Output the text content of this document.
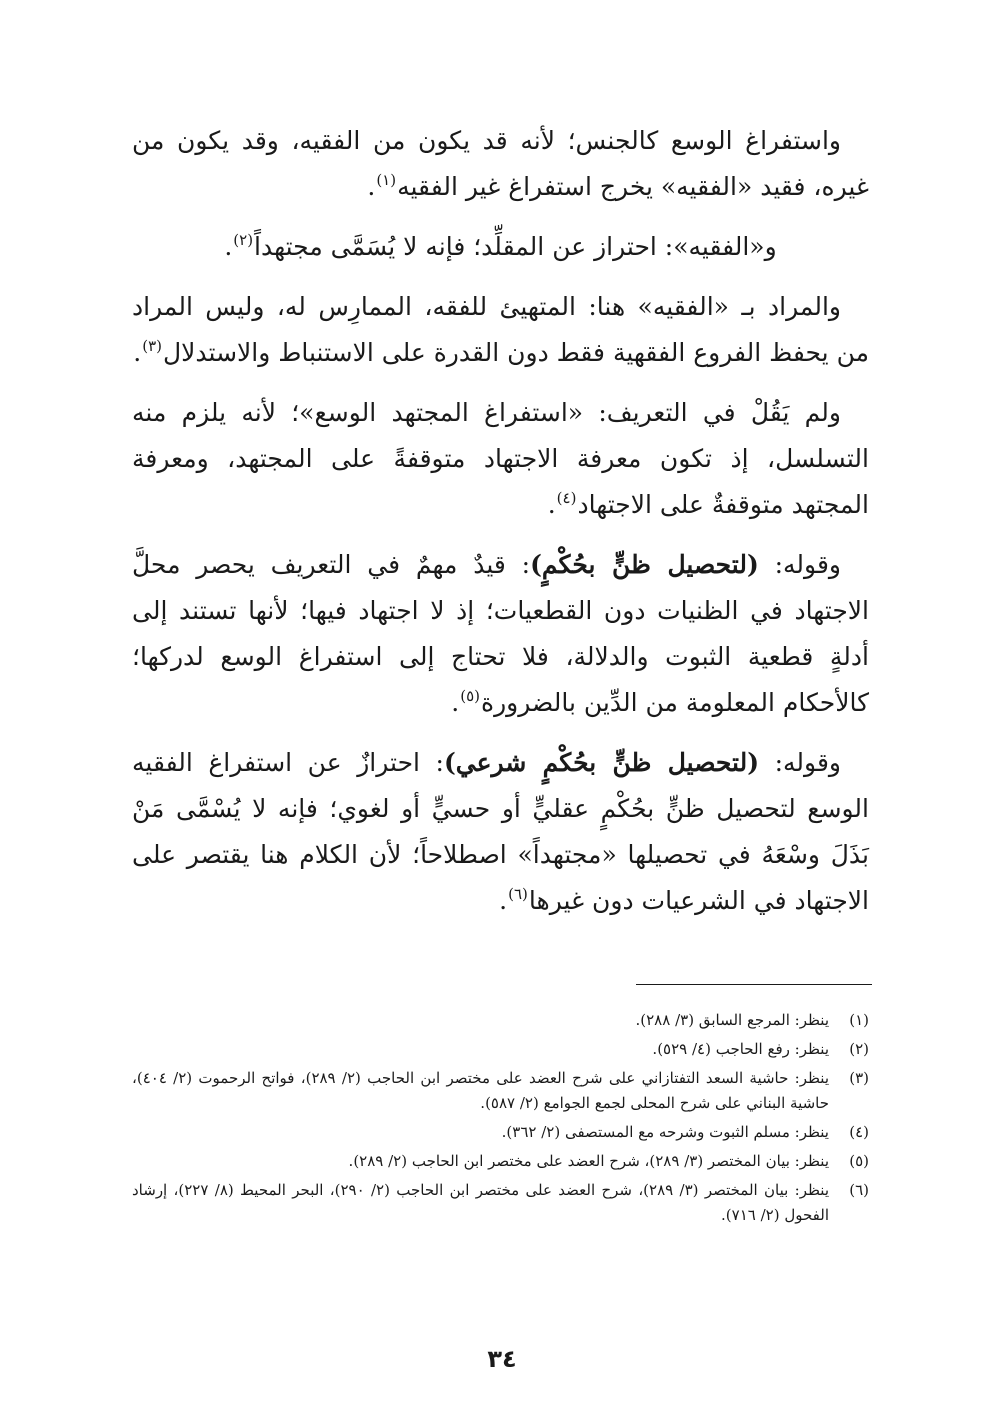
واستفراغ الوسع كالجنس؛ لأنه قد يكون من الفقيه، وقد يكون من غيره، فقيد «الفقيه» يخرج استفراغ غير الفقيه$^{(١)}$.

و«الفقيه»: احتراز عن المقلِّد؛ فإنه لا يُسَمَّى مجتهداً$^{(٢)}$.

والمراد بـ «الفقيه» هنا: المتهيئ للفقه، الممارِس له، وليس المراد من يحفظ الفروع الفقهية فقط دون القدرة على الاستنباط والاستدلال$^{(٣)}$.

ولم يَقُلْ في التعريف: «استفراغ المجتهد الوسع»؛ لأنه يلزم منه التسلسل، إذ تكون معرفة الاجتهاد متوقفةً على المجتهد، ومعرفة المجتهد متوقفةٌ على الاجتهاد$^{(٤)}$.

وقوله: (لتحصيل ظنٍّ بحُكْمٍ): قيدٌ مهمٌ في التعريف يحصر محلَّ الاجتهاد في الظنيات دون القطعيات؛ إذ لا اجتهاد فيها؛ لأنها تستند إلى أدلةٍ قطعية الثبوت والدلالة، فلا تحتاج إلى استفراغ الوسع لدركها؛ كالأحكام المعلومة من الدِّين بالضرورة$^{(٥)}$.

وقوله: (لتحصيل ظنٍّ بحُكْمٍ شرعي): احترازٌ عن استفراغ الفقيه الوسع لتحصيل ظنٍّ بحُكْمٍ عقليٍّ أو حسيٍّ أو لغوي؛ فإنه لا يُسْمَّى مَنْ بَذَلَ وسْعَهُ في تحصيلها «مجتهداً» اصطلاحاً؛ لأن الكلام هنا يقتصر على الاجتهاد في الشرعيات دون غيرها$^{(٦)}$.

(١)
ينظر: المرجع السابق (٣/ ٢٨٨).
(٢)
ينظر: رفع الحاجب (٤/ ٥٢٩).
(٣)
ينظر: حاشية السعد التفتازاني على شرح العضد على مختصر ابن الحاجب (٢/ ٢٨٩)، فواتح الرحموت (٢/ ٤٠٤)، حاشية البناني على شرح المحلى لجمع الجوامع (٢/ ٥٨٧).
(٤)
ينظر: مسلم الثبوت وشرحه مع المستصفى (٢/ ٣٦٢).
(٥)
ينظر: بيان المختصر (٣/ ٢٨٩)، شرح العضد على مختصر ابن الحاجب (٢/ ٢٨٩).
(٦)
ينظر: بيان المختصر (٣/ ٢٨٩)، شرح العضد على مختصر ابن الحاجب (٢/ ٢٩٠)، البحر المحيط (٨/ ٢٢٧)، إرشاد الفحول (٢/ ٧١٦).
٣٤
